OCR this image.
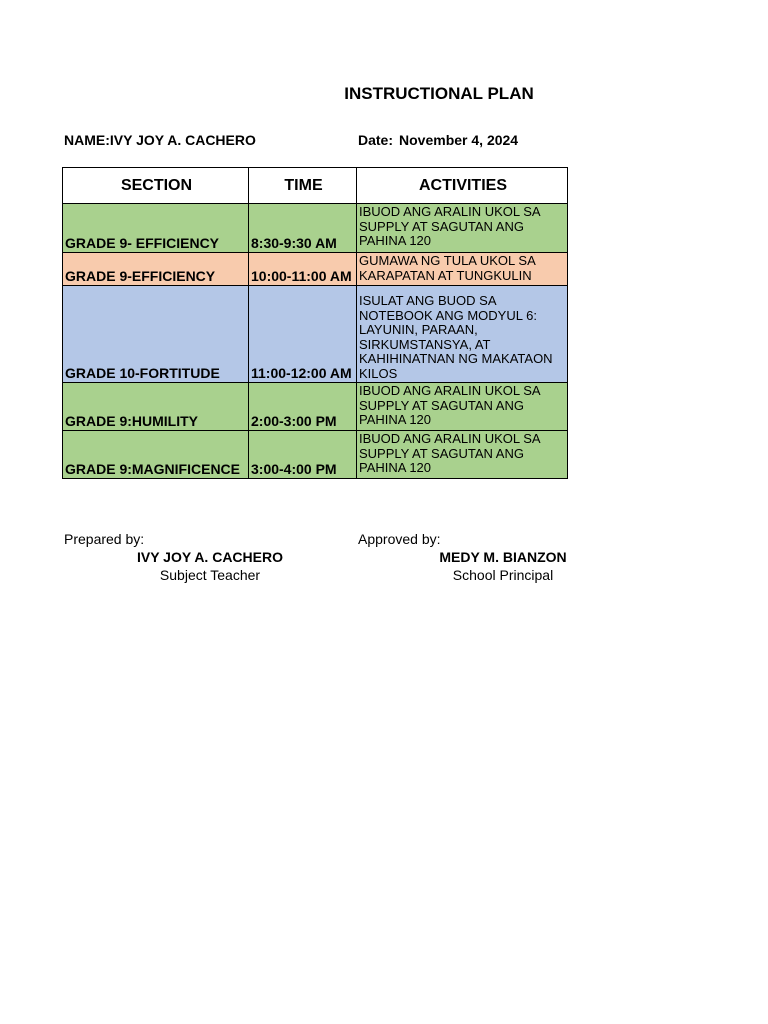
INSTRUCTIONAL PLAN
NAME:IVY JOY A. CACHERO	Date: November 4, 2024
SECTION	TIME	ACTIVITIES
GRADE 9- EFFICIENCY	8:30-9:30 AM	IBUOD ANG ARALIN UKOL SA SUPPLY AT SAGUTAN ANG PAHINA 120
GRADE 9-EFFICIENCY	10:00-11:00 AM	GUMAWA NG TULA UKOL SA KARAPATAN AT TUNGKULIN
GRADE 10-FORTITUDE	11:00-12:00 AM	ISULAT ANG BUOD SA NOTEBOOK ANG MODYUL 6: LAYUNIN, PARAAN, SIRKUMSTANSYA, AT KAHIHINATNAN NG MAKATAON KILOS
GRADE 9:HUMILITY	2:00-3:00 PM	IBUOD ANG ARALIN UKOL SA SUPPLY AT SAGUTAN ANG PAHINA 120
GRADE 9:MAGNIFICENCE	3:00-4:00 PM	IBUOD ANG ARALIN UKOL SA SUPPLY AT SAGUTAN ANG PAHINA 120
Prepared by:
IVY JOY A. CACHERO
Subject Teacher
Approved by:
MEDY M. BIANZON
School Principal
